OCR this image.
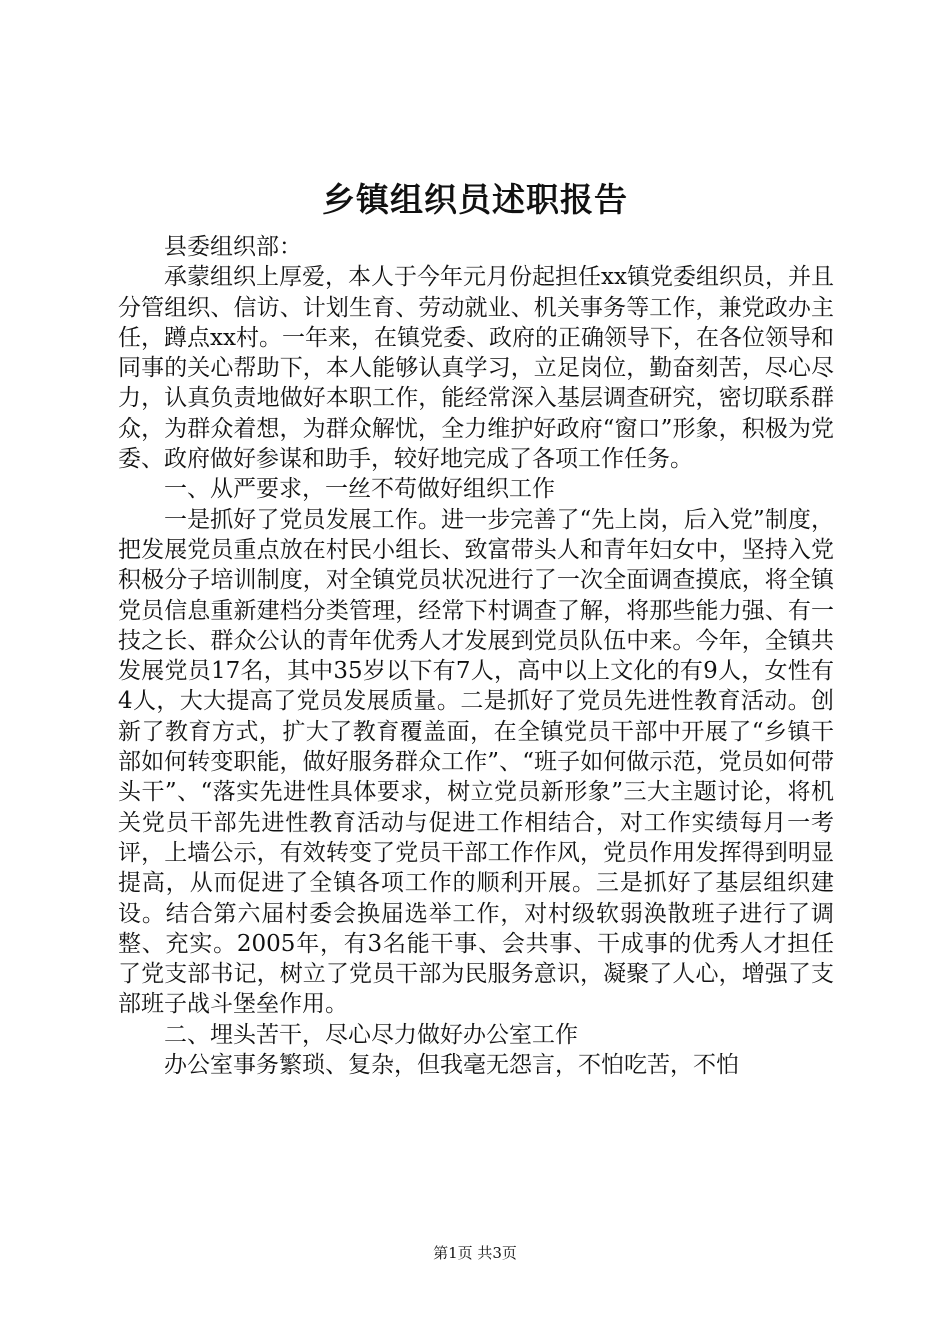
乡镇组织员述职报告

县委组织部：

承蒙组织上厚爱，本人于今年元月份起担任xx镇党委组织员，并且分管组织、信访、计划生育、劳动就业、机关事务等工作，兼党政办主任，蹲点xx村。一年来，在镇党委、政府的正确领导下，在各位领导和同事的关心帮助下，本人能够认真学习，立足岗位，勤奋刻苦，尽心尽力，认真负责地做好本职工作，能经常深入基层调查研究，密切联系群众，为群众着想，为群众解忧，全力维护好政府“窗口”形象，积极为党委、政府做好参谋和助手，较好地完成了各项工作任务。

一、从严要求，一丝不苟做好组织工作

一是抓好了党员发展工作。进一步完善了“先上岗，后入党”制度，把发展党员重点放在村民小组长、致富带头人和青年妇女中，坚持入党积极分子培训制度，对全镇党员状况进行了一次全面调查摸底，将全镇党员信息重新建档分类管理，经常下村调查了解，将那些能力强、有一技之长、群众公认的青年优秀人才发展到党员队伍中来。今年，全镇共发展党员17名，其中35岁以下有7人，高中以上文化的有9人，女性有4人，大大提高了党员发展质量。二是抓好了党员先进性教育活动。创新了教育方式，扩大了教育覆盖面，在全镇党员干部中开展了“乡镇干部如何转变职能，做好服务群众工作”、“班子如何做示范，党员如何带头干”、“落实先进性具体要求，树立党员新形象”三大主题讨论，将机关党员干部先进性教育活动与促进工作相结合，对工作实绩每月一考评，上墙公示，有效转变了党员干部工作作风，党员作用发挥得到明显提高，从而促进了全镇各项工作的顺利开展。三是抓好了基层组织建设。结合第六届村委会换届选举工作，对村级软弱涣散班子进行了调整、充实。2005年，有3名能干事、会共事、干成事的优秀人才担任了党支部书记，树立了党员干部为民服务意识，凝聚了人心，增强了支部班子战斗堡垒作用。

二、埋头苦干，尽心尽力做好办公室工作

办公室事务繁琐、复杂，但我毫无怨言，不怕吃苦，不怕

第1页 共3页
